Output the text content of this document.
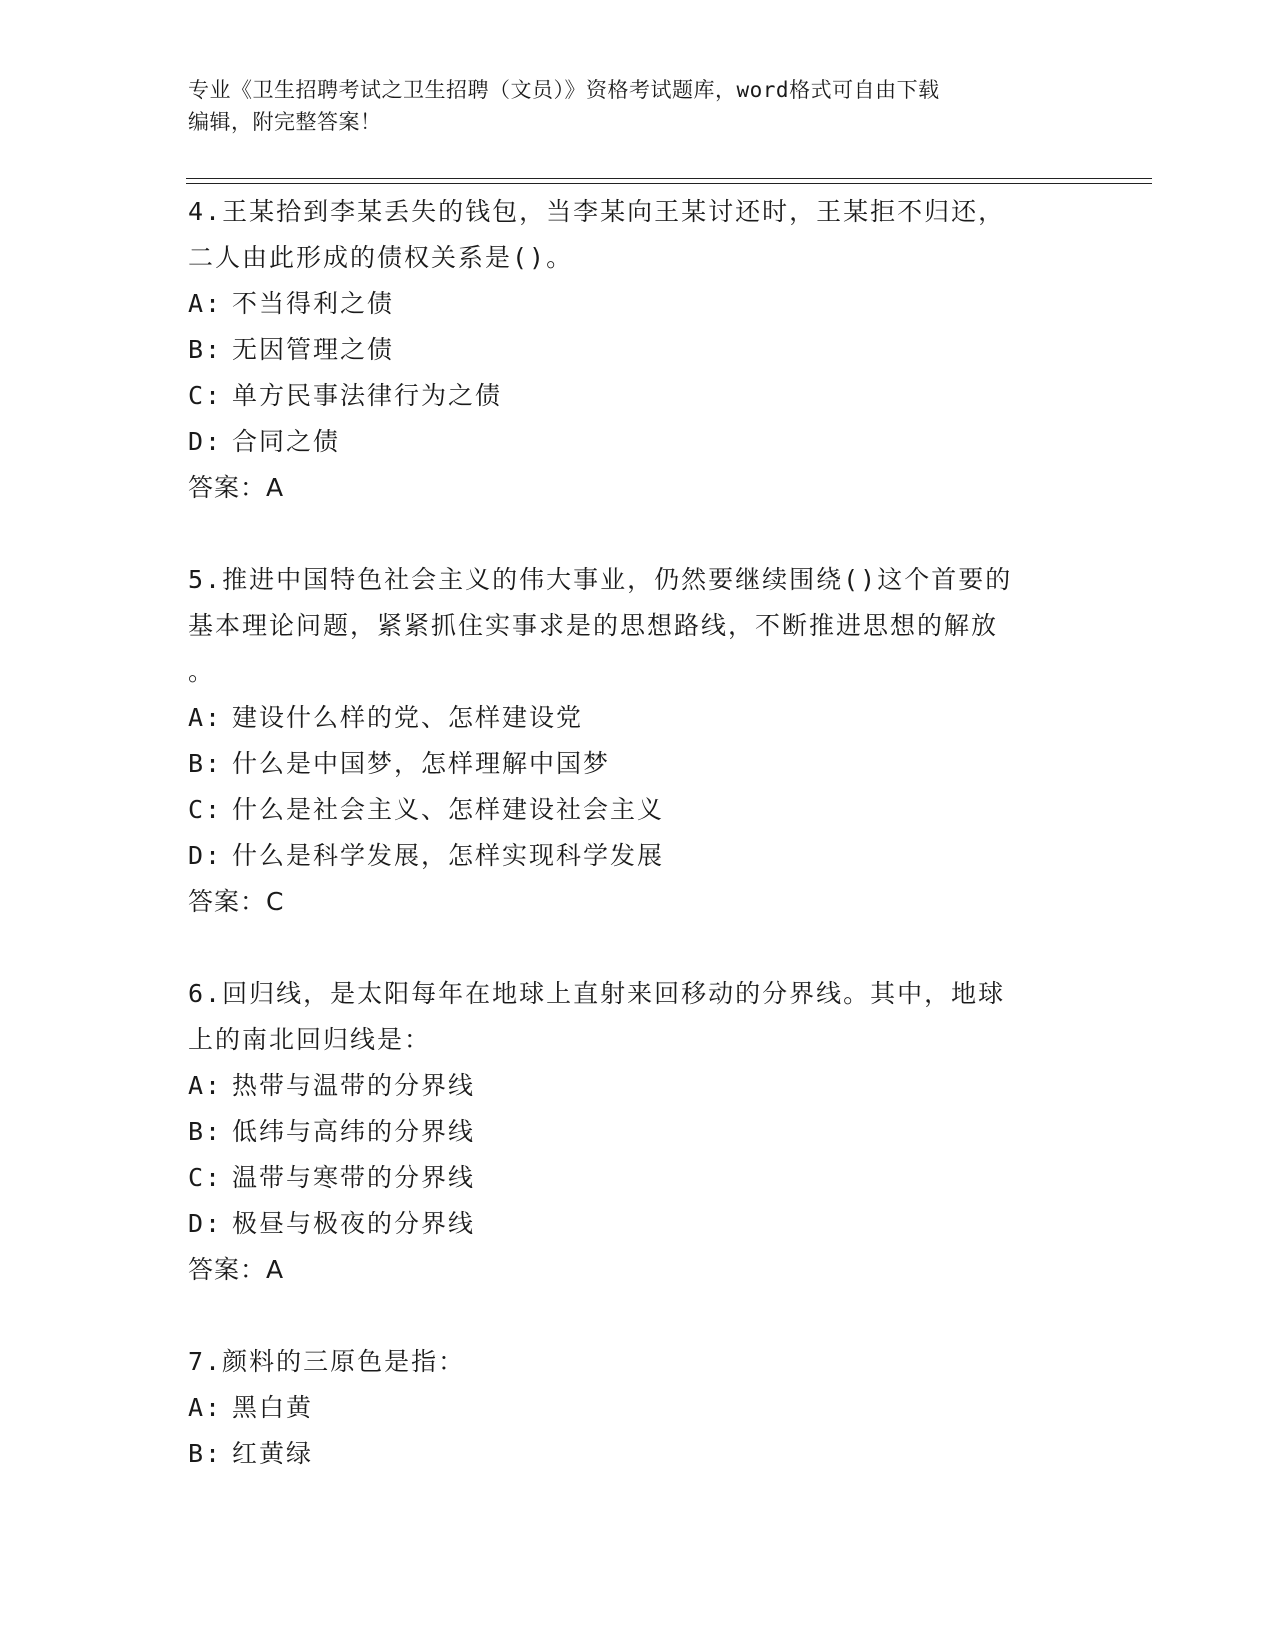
专业《卫生招聘考试之卫生招聘（文员）》资格考试题库，word格式可自由下载
编辑，附完整答案！
4.王某拾到李某丢失的钱包，当李某向王某讨还时，王某拒不归还，
二人由此形成的债权关系是()。
A: 不当得利之债
B: 无因管理之债
C: 单方民事法律行为之债
D: 合同之债
答案：A
5.推进中国特色社会主义的伟大事业，仍然要继续围绕()这个首要的
基本理论问题，紧紧抓住实事求是的思想路线，不断推进思想的解放
。
A: 建设什么样的党、怎样建设党
B: 什么是中国梦，怎样理解中国梦
C: 什么是社会主义、怎样建设社会主义
D: 什么是科学发展，怎样实现科学发展
答案：C
6.回归线，是太阳每年在地球上直射来回移动的分界线。其中，地球
上的南北回归线是：
A: 热带与温带的分界线
B: 低纬与高纬的分界线
C: 温带与寒带的分界线
D: 极昼与极夜的分界线
答案：A
7.颜料的三原色是指：
A: 黑白黄
B: 红黄绿
